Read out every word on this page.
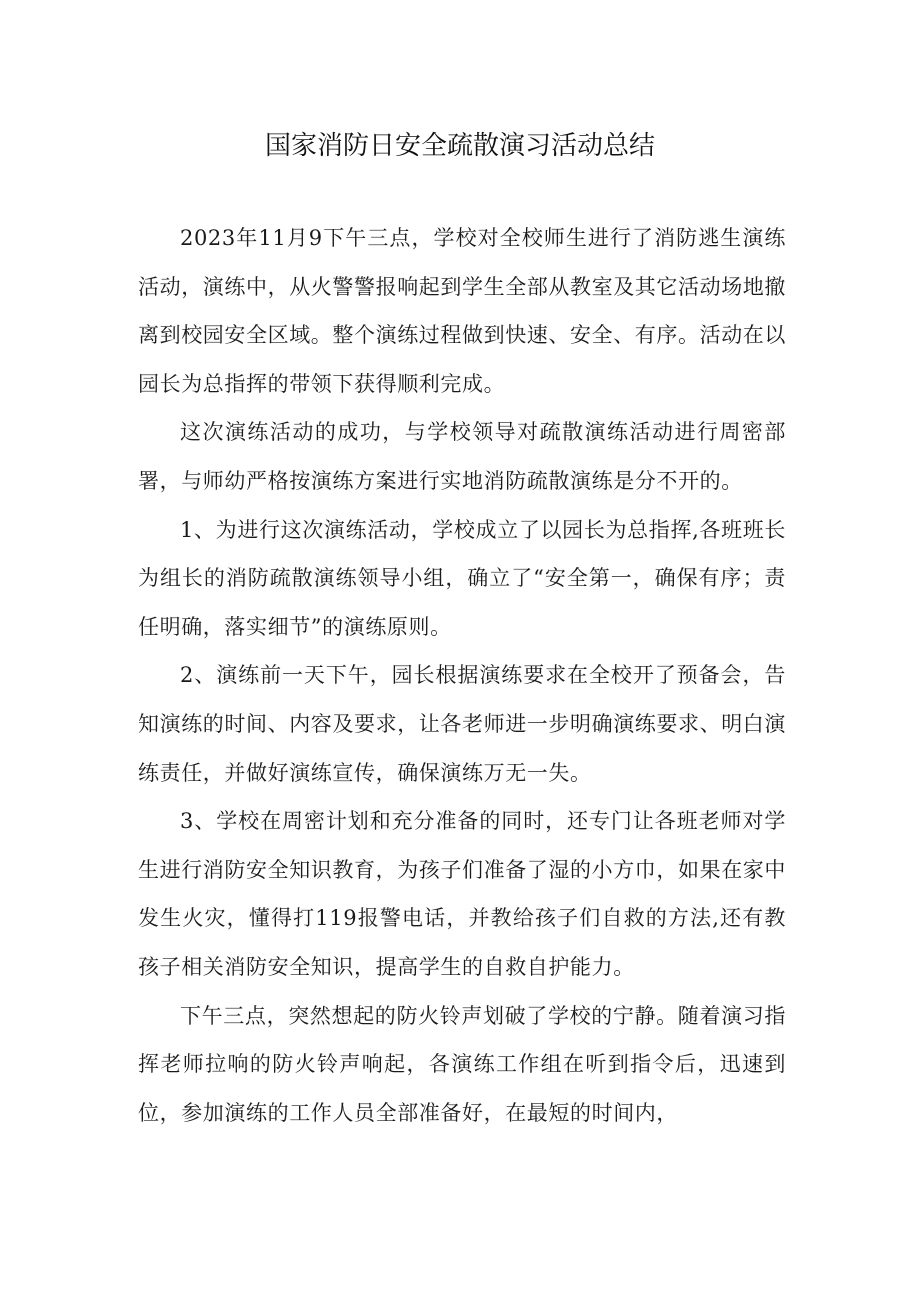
国家消防日安全疏散演习活动总结

2023年11月9下午三点，学校对全校师生进行了消防逃生演练活动，演练中，从火警警报响起到学生全部从教室及其它活动场地撤离到校园安全区域。整个演练过程做到快速、安全、有序。活动在以园长为总指挥的带领下获得顺利完成。

这次演练活动的成功，与学校领导对疏散演练活动进行周密部署，与师幼严格按演练方案进行实地消防疏散演练是分不开的。

1、为进行这次演练活动，学校成立了以园长为总指挥,各班班长为组长的消防疏散演练领导小组，确立了“安全第一，确保有序；责任明确，落实细节”的演练原则。

2、演练前一天下午，园长根据演练要求在全校开了预备会，告知演练的时间、内容及要求，让各老师进一步明确演练要求、明白演练责任，并做好演练宣传，确保演练万无一失。

3、学校在周密计划和充分准备的同时，还专门让各班老师对学生进行消防安全知识教育，为孩子们准备了湿的小方巾，如果在家中发生火灾，懂得打119报警电话，并教给孩子们自救的方法,还有教孩子相关消防安全知识，提高学生的自救自护能力。

下午三点，突然想起的防火铃声划破了学校的宁静。随着演习指挥老师拉响的防火铃声响起，各演练工作组在听到指令后，迅速到位，参加演练的工作人员全部准备好，在最短的时间内，
